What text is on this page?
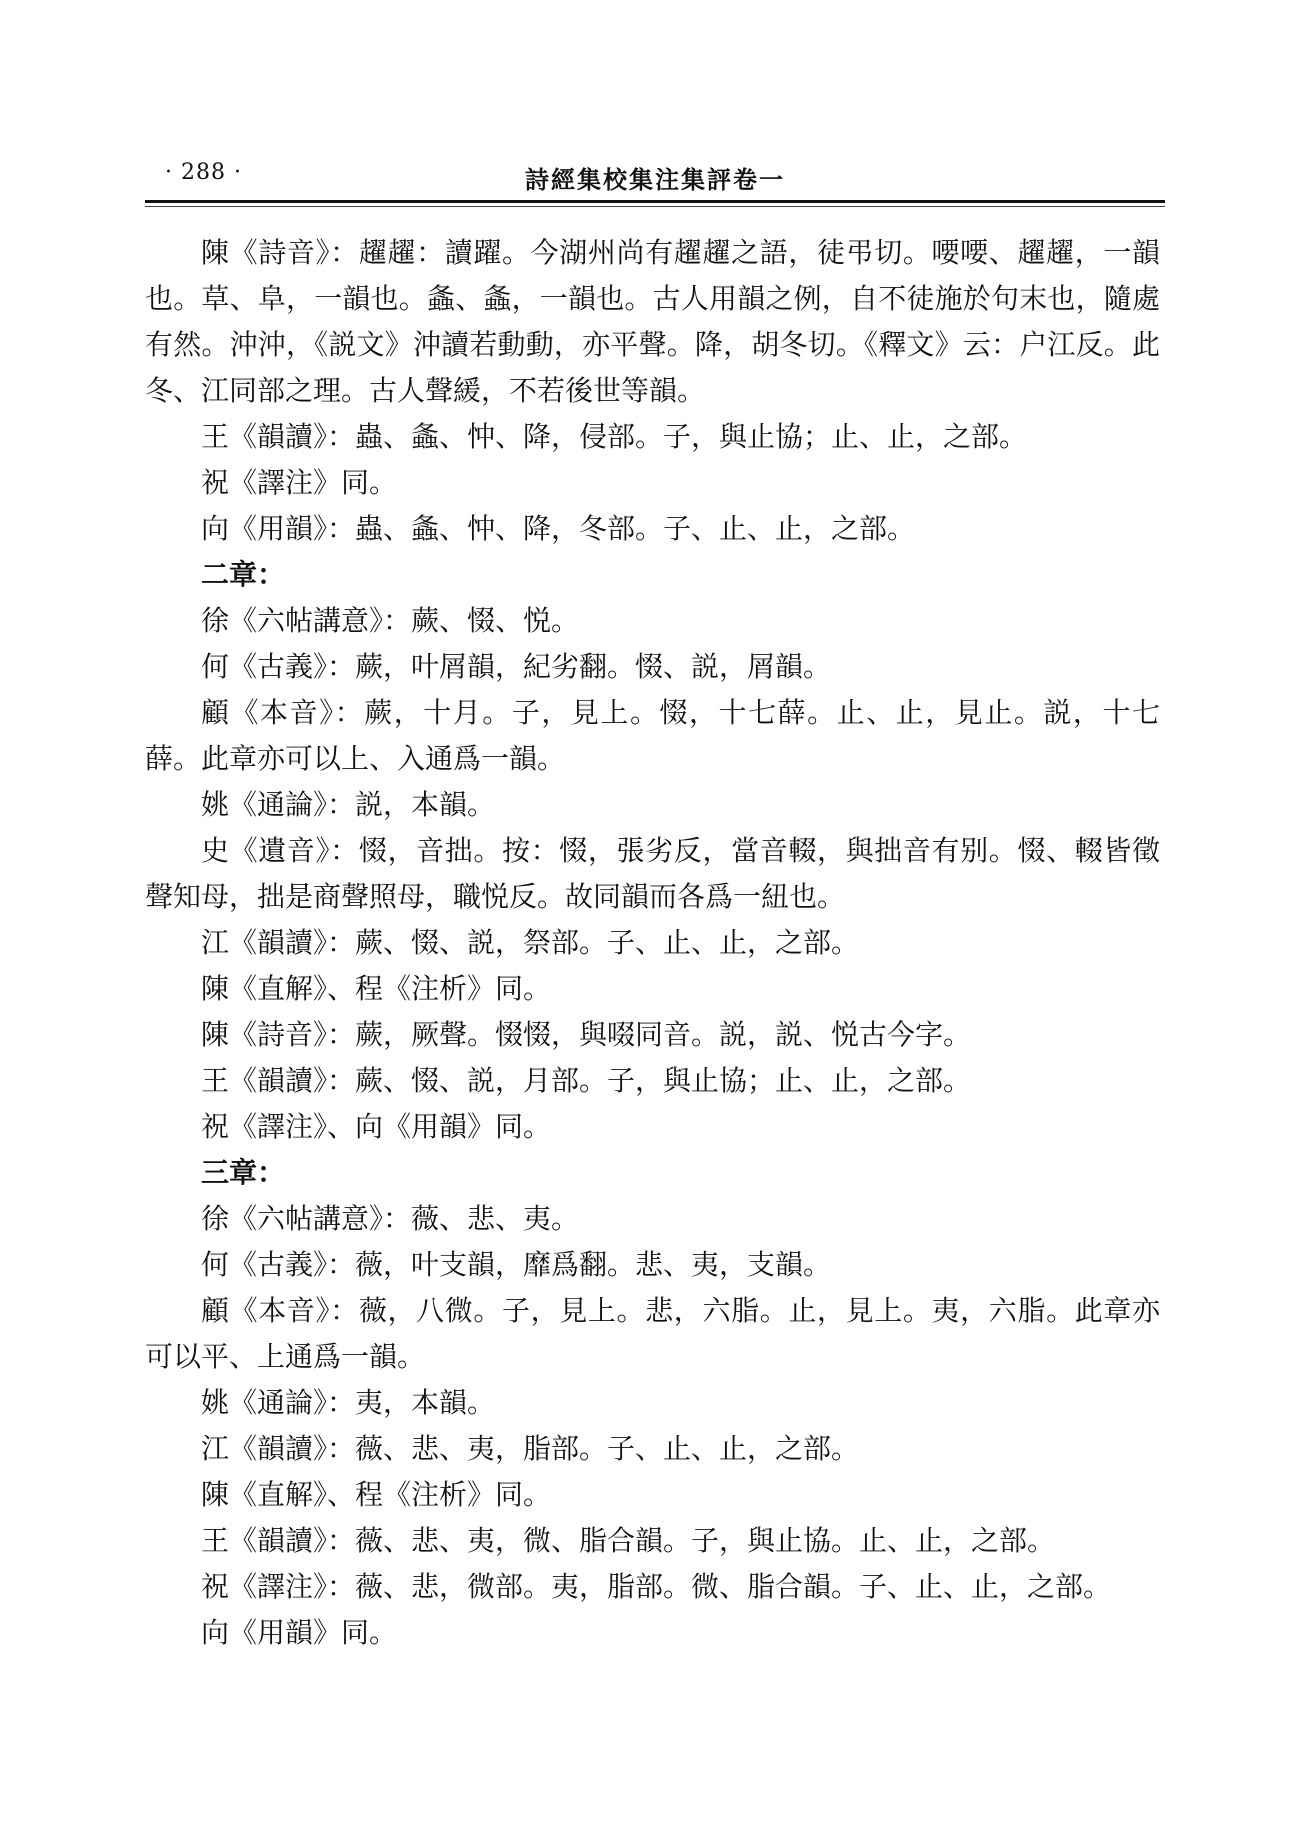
· 288 ·	詩經集校集注集評卷一

陳《詩音》：趯趯：讀躍。今湖州尚有趯趯之語，徒弔切。喓喓、趯趯，一韻也。草、阜，一韻也。螽、螽，一韻也。古人用韻之例，自不徒施於句末也，隨處有然。沖沖，《説文》沖讀若動動，亦平聲。降，胡冬切。《釋文》云：户江反。此冬、江同部之理。古人聲緩，不若後世等韻。

王《韻讀》：蟲、螽、忡、降，侵部。子，與止協；止、止，之部。

祝《譯注》同。

向《用韻》：蟲、螽、忡、降，冬部。子、止、止，之部。

二章：

徐《六帖講意》：蕨、惙、悦。

何《古義》：蕨，叶屑韻，紀劣翻。惙、説，屑韻。

顧《本音》：蕨，十月。子，見上。惙，十七薛。止、止，見止。説，十七薛。此章亦可以上、入通爲一韻。

姚《通論》：説，本韻。

史《遺音》：惙，音拙。按：惙，張劣反，當音輟，與拙音有别。惙、輟皆徵聲知母，拙是商聲照母，職悦反。故同韻而各爲一紐也。

江《韻讀》：蕨、惙、説，祭部。子、止、止，之部。

陳《直解》、程《注析》同。

陳《詩音》：蕨，厥聲。惙惙，與啜同音。説，説、悦古今字。

王《韻讀》：蕨、惙、説，月部。子，與止協；止、止，之部。

祝《譯注》、向《用韻》同。

三章：

徐《六帖講意》：薇、悲、夷。

何《古義》：薇，叶支韻，靡爲翻。悲、夷，支韻。

顧《本音》：薇，八微。子，見上。悲，六脂。止，見上。夷，六脂。此章亦可以平、上通爲一韻。

姚《通論》：夷，本韻。

江《韻讀》：薇、悲、夷，脂部。子、止、止，之部。

陳《直解》、程《注析》同。

王《韻讀》：薇、悲、夷，微、脂合韻。子，與止協。止、止，之部。

祝《譯注》：薇、悲，微部。夷，脂部。微、脂合韻。子、止、止，之部。

向《用韻》同。
